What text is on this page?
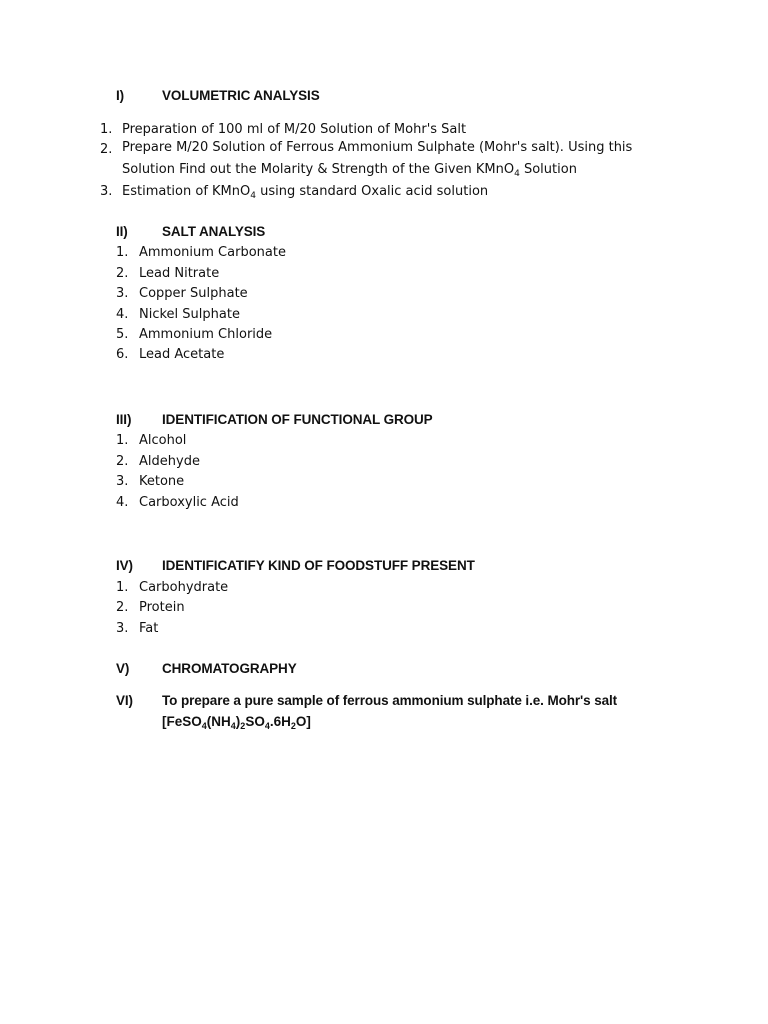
I)	VOLUMETRIC ANALYSIS
1. Preparation of 100 ml of M/20 Solution of Mohr's Salt
2. Prepare M/20 Solution of Ferrous Ammonium Sulphate (Mohr's salt). Using this
Solution Find out the Molarity & Strength of the Given KMnO$_4$ Solution
3. Estimation of KMnO$_4$ using standard Oxalic acid solution
II)	SALT ANALYSIS
1. Ammonium Carbonate
2. Lead Nitrate
3. Copper Sulphate
4. Nickel Sulphate
5. Ammonium Chloride
6. Lead Acetate
III) IDENTIFICATION OF FUNCTIONAL GROUP
1. Alcohol
2. Aldehyde
3. Ketone
4. Carboxylic Acid
IV) IDENTIFICATIFY KIND OF FOODSTUFF PRESENT
1. Carbohydrate
2. Protein
3. Fat
V) CHROMATOGRAPHY
VI) To prepare a pure sample of ferrous ammonium sulphate i.e. Mohr's salt
$[FeSO_4(NH_4)_2SO_4.6H_2O]$
